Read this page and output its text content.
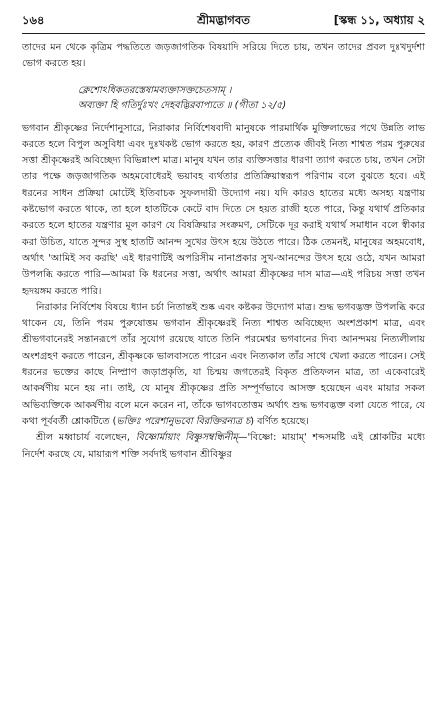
১৬৪	শ্রীমদ্ভাগবত	[স্কন্ধ ১১, অধ্যায় ২

তাদের মন থেকে কৃত্রিম পদ্ধতিতে জড়জাগতিক বিষয়াদি সরিয়ে দিতে চায়, তখন তাদের প্রবল দুঃখদুর্দশা ভোগ করতে হয়।

ক্লেশোঽধিকতরস্তেষামব্যক্তাসক্তচেতসাম্ ।
অব্যক্তা হি গতির্দুঃখং দেহবদ্ভিরবাপ্যতে ॥ (গীতা ১২/৫)

ভগবান শ্রীকৃষ্ণের নির্দেশানুসারে, নিরাকার নির্বিশেষবাদী মানুষকে পারমার্থিক মুক্তিলাভের পথে উন্নতি লাভ করতে হলে বিপুল অসুবিধা এবং দুঃখকষ্ট ভোগ করতে হয়, কারণ প্রত্যেক জীবই নিত্য শাশ্বত পরম পুরুষের সত্তা শ্রীকৃষ্ণেরই অবিচ্ছেদ্য বিভিন্নাংশ মাত্র। মানুষ যখন তার ব্যক্তিসত্তার ধারণা ত্যাগ করতে চায়, তখন সেটা তার পক্ষে জড়জাগতিক অহমবোধেরই ভয়াবহ ব্যর্থতার প্রতিক্রিয়াস্বরূপ পরিণাম বলে বুঝতে হবে। এই ধরনের সাধন প্রক্রিয়া মোটেই ইতিবাচক সুফলদায়ী উদ্যোগ নয়। যদি কারও হাতের মধ্যে অসহ্য যন্ত্রণায় কষ্টভোগ করতে থাকে, তা হলে হাতটিকে কেটে বাদ দিতে সে হয়ত রাজী হতে পারে, কিন্তু যথার্থ প্রতিকার করতে হলে হাতের যন্ত্রণার মূল কারণ যে বিষক্রিয়ার সংক্রমণ, সেটিকে দূর করাই যথার্থ সমাধান বলে স্বীকার করা উচিত, যাতে সুন্দর সুস্থ হাতটি আনন্দ সুখের উৎস হয়ে উঠতে পারে। ঠিক তেমনই, মানুষের অহমবোধ, অর্থাৎ 'আমিই সব করছি' এই ধারণাটিই অপরিসীম নানাপ্রকার সুখ-আনন্দের উৎস হয়ে ওঠে, যখন আমরা উপলব্ধি করতে পারি—আমরা কি ধরনের সত্তা, অর্থাৎ আমরা শ্রীকৃষ্ণের দাস মাত্র—এই পরিচয় সত্তা তখন হৃদয়ঙ্গম করতে পারি।

নিরাকার নির্বিশেষ বিষয়ে ধ্যান চর্চা নিতান্তই শুষ্ক এবং কষ্টকর উদ্যোগ মাত্র। শুদ্ধ ভগবদ্ভক্ত উপলব্ধি করে থাকেন যে, তিনি পরম পুরুষোত্তম ভগবান শ্রীকৃষ্ণেরই নিত্য শাশ্বত অবিচ্ছেদ্য অংশপ্রকাশ মাত্র, এবং শ্রীভগবানেরই সন্তানরূপে তাঁর সুযোগ রয়েছে যাতে তিনি পরমেশ্বর ভগবানের দিব্য আনন্দময় নিত্যলীলায় অংশগ্রহণ করতে পারেন, শ্রীকৃষ্ণকে ভালবাসতে পারেন এবং নিত্যকাল তাঁর সাথে খেলা করতে পারেন। সেই ধরনের ভক্তের কাছে নিষ্প্রাণ জড়াপ্রকৃতি, যা চিন্ময় জগতেরই বিকৃত প্রতিফলন মাত্র, তা একেবারেই আকর্ষণীয় মনে হয় না। তাই, যে মানুষ শ্রীকৃষ্ণের প্রতি সম্পূর্ণভাবে আসক্ত হয়েছেন এবং মায়ার সকল অভিব্যক্তিকে আকর্ষণীয় বলে মনে করেন না, তাঁকে ভাগবতোত্তম অর্থাৎ শুদ্ধ ভগবদ্ভক্ত বলা যেতে পারে, যে কথা পূর্ববর্তী শ্লোকটিতে (ভক্তিঃ পরেশানুভবো বিরক্তিরন্যত্র চ) বর্ণিত হয়েছে।

শ্রীল মধ্বাচার্য বলেছেন, বিষ্ণোর্মায়াং বিষ্ণুসম্বন্ধিনীম্—'বিষ্ণো: মায়াম্' শব্দসমষ্টি এই শ্লোকটির মধ্যে নির্দেশ করছে যে, মায়ারূপ শক্তি সর্বদাই ভগবান শ্রীবিষ্ণুর
